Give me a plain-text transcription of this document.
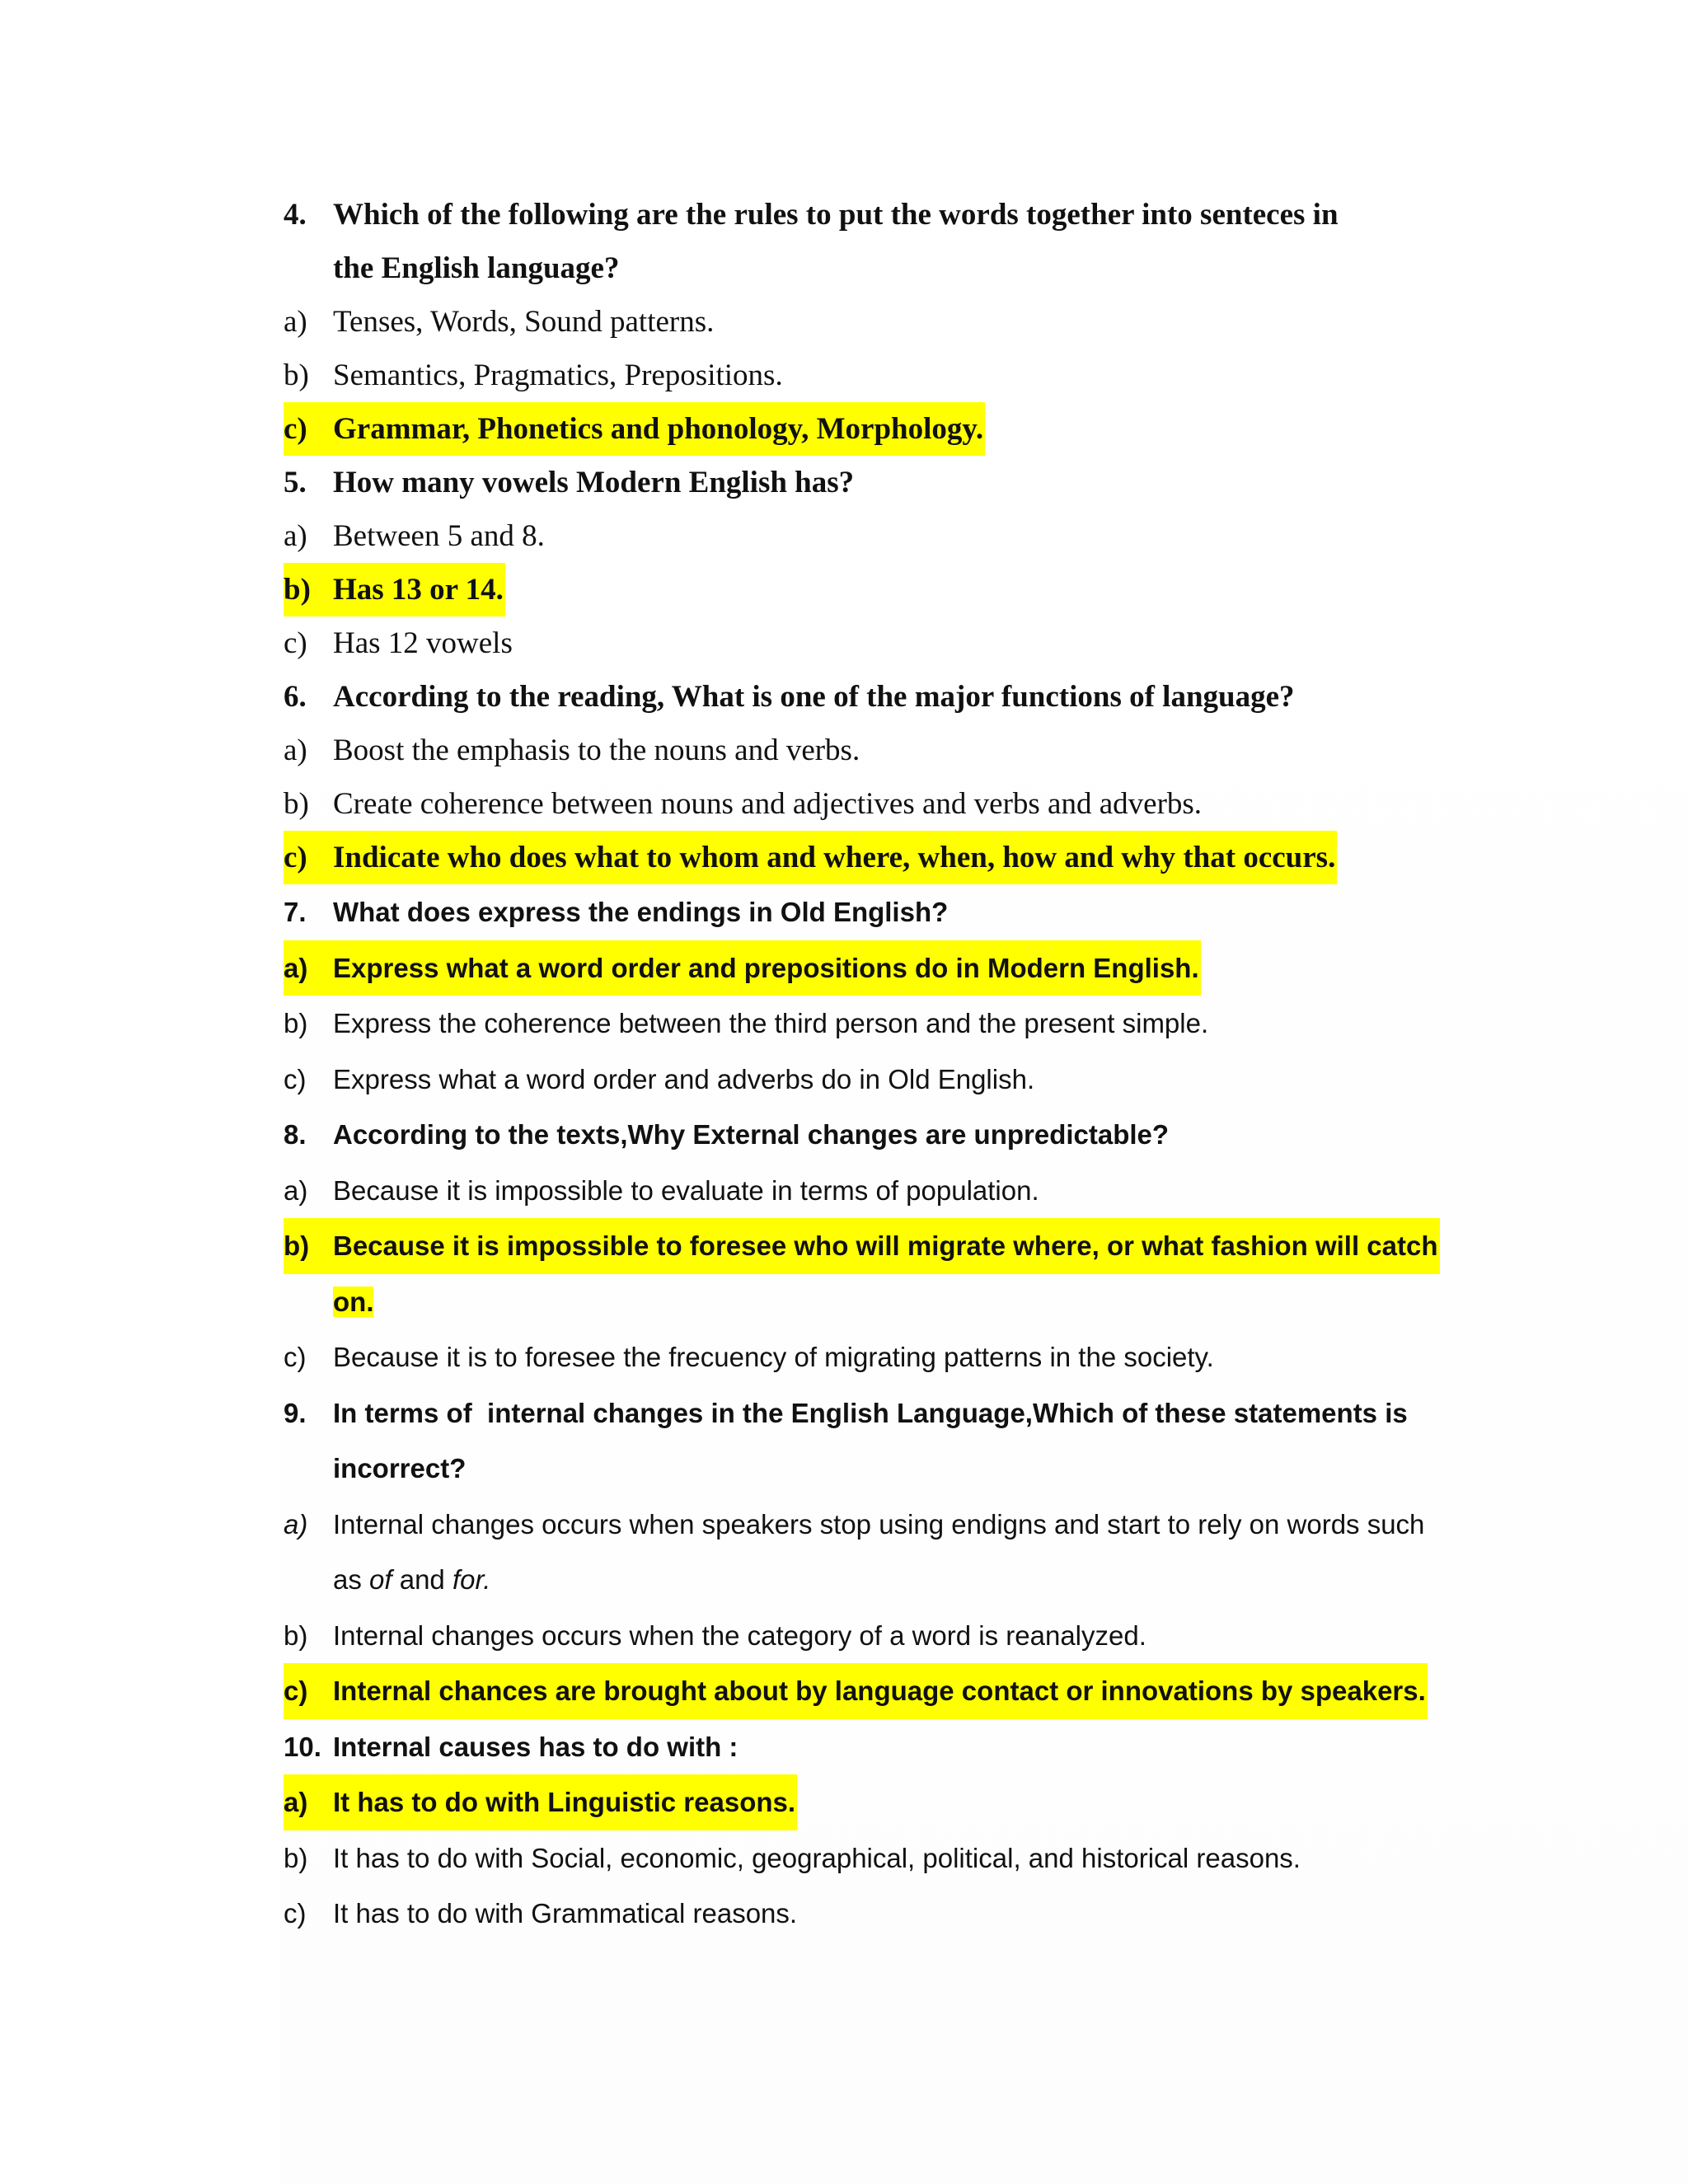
4. Which of the following are the rules to put the words together into senteces in
the English language?
a) Tenses, Words, Sound patterns.
b) Semantics, Pragmatics, Prepositions.
c) Grammar, Phonetics and phonology, Morphology.
5. How many vowels Modern English has?
a) Between 5 and 8.
b) Has 13 or 14.
c) Has 12 vowels
6. According to the reading, What is one of the major functions of language?
a) Boost the emphasis to the nouns and verbs.
b) Create coherence between nouns and adjectives and verbs and adverbs.
c) Indicate who does what to whom and where, when, how and why that occurs.
7. What does express the endings in Old English?
a) Express what a word order and prepositions do in Modern English.
b) Express the coherence between the third person and the present simple.
c) Express what a word order and adverbs do in Old English.
8. According to the texts,Why External changes are unpredictable?
a) Because it is impossible to evaluate in terms of population.
b) Because it is impossible to foresee who will migrate where, or what fashion will catch
on.
c) Because it is to foresee the frecuency of migrating patterns in the society.
9. In terms of  internal changes in the English Language,Which of these statements is
incorrect?
a) Internal changes occurs when speakers stop using endigns and start to rely on words such
as of and for.
b) Internal changes occurs when the category of a word is reanalyzed.
c) Internal chances are brought about by language contact or innovations by speakers.
10. Internal causes has to do with :
a) It has to do with Linguistic reasons.
b) It has to do with Social, economic, geographical, political, and historical reasons.
c) It has to do with Grammatical reasons.
